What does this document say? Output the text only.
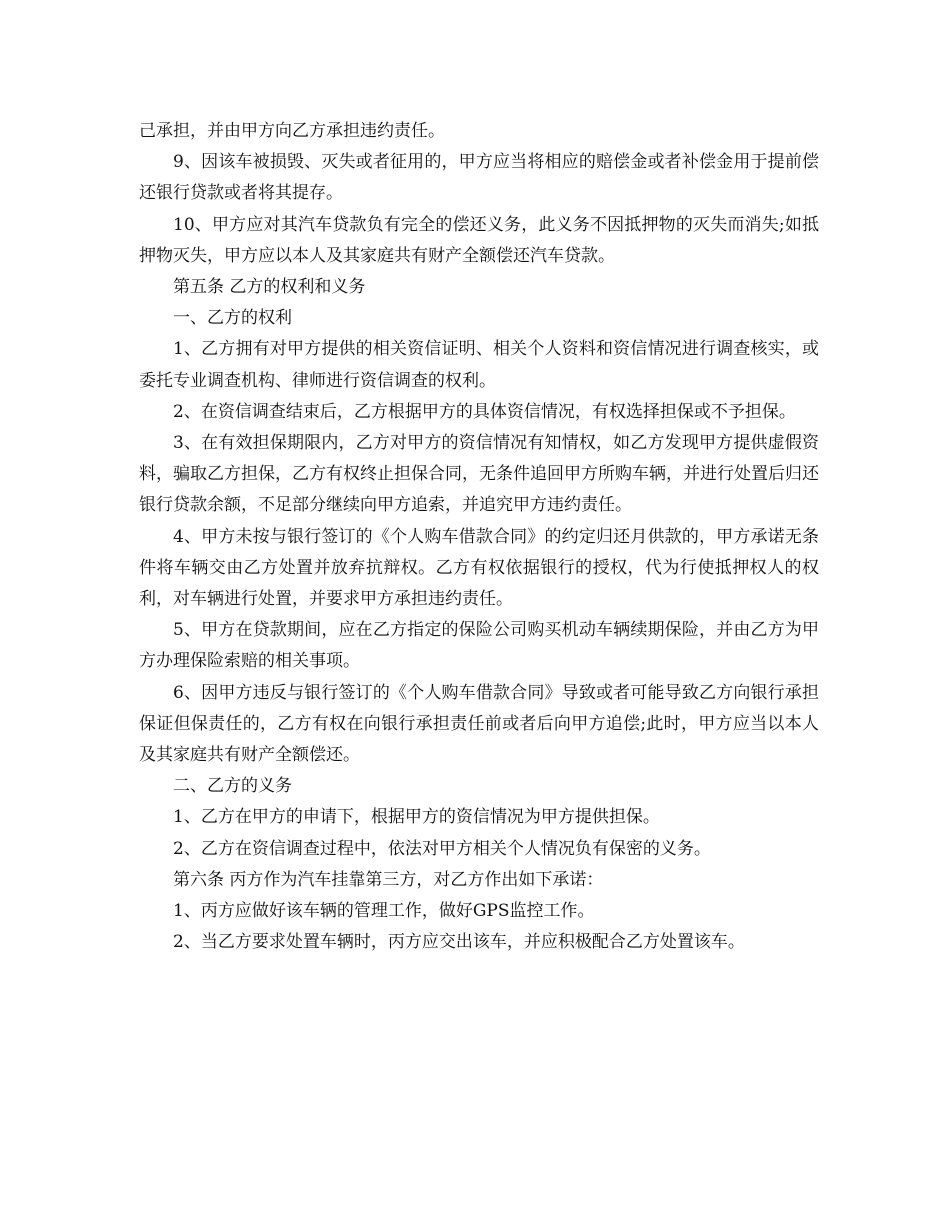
己承担，并由甲方向乙方承担违约责任。

9、因该车被损毁、灭失或者征用的，甲方应当将相应的赔偿金或者补偿金用于提前偿还银行贷款或者将其提存。

10、甲方应对其汽车贷款负有完全的偿还义务，此义务不因抵押物的灭失而消失;如抵押物灭失，甲方应以本人及其家庭共有财产全额偿还汽车贷款。

第五条 乙方的权利和义务

一、乙方的权利

1、乙方拥有对甲方提供的相关资信证明、相关个人资料和资信情况进行调查核实，或委托专业调查机构、律师进行资信调查的权利。

2、在资信调查结束后，乙方根据甲方的具体资信情况，有权选择担保或不予担保。

3、在有效担保期限内，乙方对甲方的资信情况有知情权，如乙方发现甲方提供虚假资料，骗取乙方担保，乙方有权终止担保合同，无条件追回甲方所购车辆，并进行处置后归还银行贷款余额，不足部分继续向甲方追索，并追究甲方违约责任。

4、甲方未按与银行签订的《个人购车借款合同》的约定归还月供款的，甲方承诺无条件将车辆交由乙方处置并放弃抗辩权。乙方有权依据银行的授权，代为行使抵押权人的权利，对车辆进行处置，并要求甲方承担违约责任。

5、甲方在贷款期间，应在乙方指定的保险公司购买机动车辆续期保险，并由乙方为甲方办理保险索赔的相关事项。

6、因甲方违反与银行签订的《个人购车借款合同》导致或者可能导致乙方向银行承担保证但保责任的，乙方有权在向银行承担责任前或者后向甲方追偿;此时，甲方应当以本人及其家庭共有财产全额偿还。

二、乙方的义务

1、乙方在甲方的申请下，根据甲方的资信情况为甲方提供担保。

2、乙方在资信调查过程中，依法对甲方相关个人情况负有保密的义务。

第六条 丙方作为汽车挂靠第三方，对乙方作出如下承诺：

1、丙方应做好该车辆的管理工作，做好GPS监控工作。

2、当乙方要求处置车辆时，丙方应交出该车，并应积极配合乙方处置该车。
